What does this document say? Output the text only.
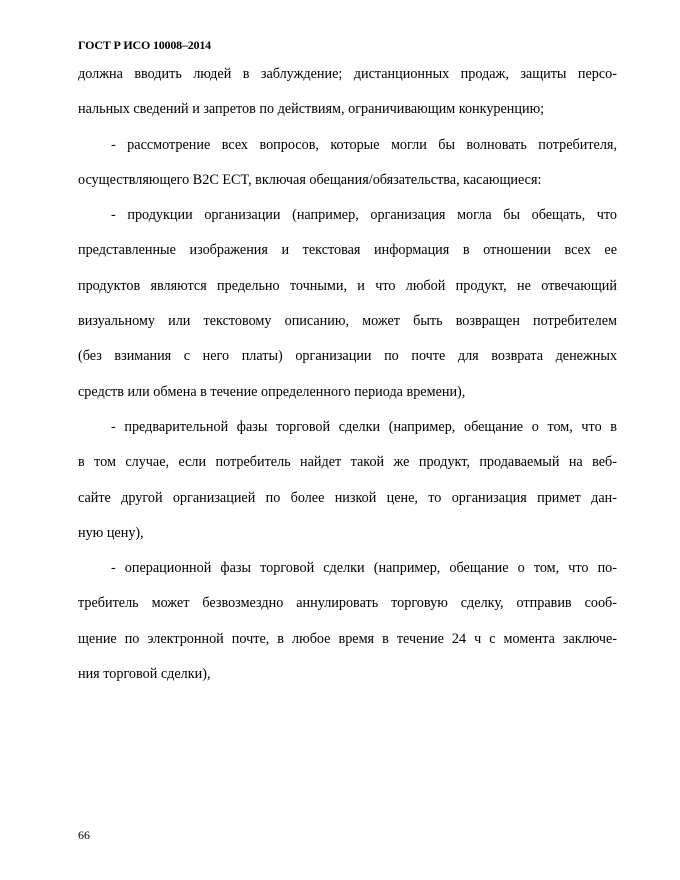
ГОСТ Р ИСО 10008–2014
должна вводить людей в заблуждение; дистанционных продаж, защиты персо-
нальных сведений и запретов по действиям, ограничивающим конкуренцию;
- рассмотрение всех вопросов, которые могли бы волновать потребителя,
осуществляющего B2C ECT, включая обещания/обязательства, касающиеся:
- продукции организации (например, организация могла бы обещать, что
представленные изображения и текстовая информация в отношении всех ее
продуктов являются предельно точными, и что любой продукт, не отвечающий
визуальному или текстовому описанию, может быть возвращен потребителем
(без взимания с него платы) организации по почте для возврата денежных
средств или обмена в течение определенного периода времени),
- предварительной фазы торговой сделки (например, обещание о том, что в
в том случае, если потребитель найдет такой же продукт, продаваемый на веб-
сайте другой организацией по более низкой цене, то организация примет дан-
ную цену),
- операционной фазы торговой сделки (например, обещание о том, что по-
требитель может безвозмездно аннулировать торговую сделку, отправив сооб-
щение по электронной почте, в любое время в течение 24 ч с момента заключе-
ния торговой сделки),
66
